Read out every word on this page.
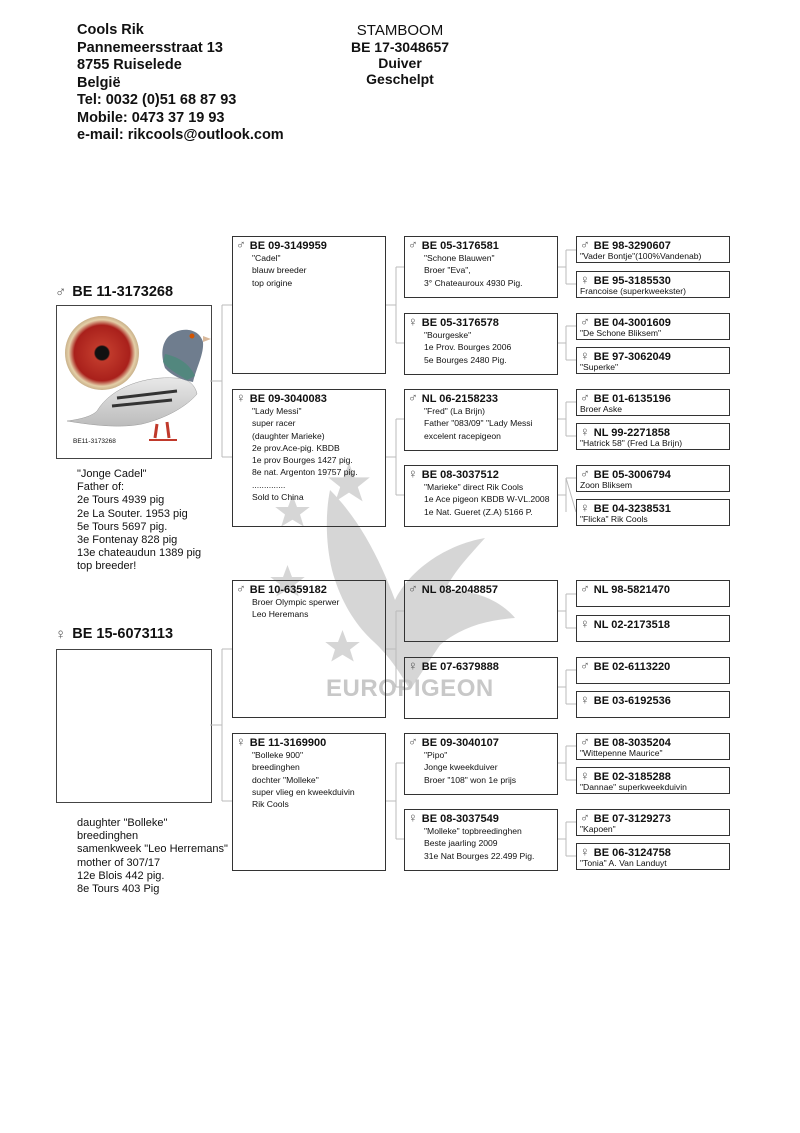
Cools Rik
Pannemeersstraat 13
8755 Ruiselede
België
Tel: 0032 (0)51 68 87 93
Mobile: 0473 37 19 93
e-mail: rikcools@outlook.com
STAMBOOM
BE 17-3048657
Duiver
Geschelpt
EUROPIGEON
♂ BE 11-3173268
BE11-3173268
"Jonge Cadel"
Father of:
2e Tours 4939 pig
2e La Souter. 1953 pig
5e Tours 5697 pig.
3e Fontenay 828 pig
13e chateaudun 1389 pig
top breeder!
♀ BE 15-6073113
daughter "Bolleke"
breedinghen
samenkweek "Leo Herremans"
mother of 307/17
12e Blois 442 pig.
8e Tours 403 Pig
♂ BE 09-3149959
"Cadel"
blauw breeder
top origine
♀ BE 09-3040083
"Lady Messi"
super racer
(daughter Marieke)
2e prov.Ace-pig. KBDB
1e prov Bourges 1427 pig.
8e nat. Argenton 19757 pig.
..............
Sold to China
♂ BE 10-6359182
Broer Olympic sperwer
Leo Heremans
♀ BE 11-3169900
"Bolleke 900"
breedinghen
dochter "Molleke"
super vlieg en kweekduivin
Rik Cools
♂ BE 05-3176581
"Schone Blauwen"
Broer "Eva",
3° Chateauroux 4930 Pig.
♀ BE 05-3176578
"Bourgeske"
1e Prov. Bourges 2006
5e Bourges 2480 Pig.
♂ NL 06-2158233
"Fred" (La Brijn)
Father "083/09" "Lady Messi
excelent racepigeon
♀ BE 08-3037512
"Marieke" direct Rik Cools
1e Ace pigeon KBDB W-VL.2008
1e Nat. Gueret (Z.A) 5166 P.
♂ NL 08-2048857
♀ BE 07-6379888
♂ BE 09-3040107
"Pipo"
Jonge kweekduiver
Broer "108" won 1e prijs
♀ BE 08-3037549
"Molleke" topbreedinghen
Beste jaarling 2009
31e Nat Bourges 22.499 Pig.
♂ BE 98-3290607
"Vader Bontje"(100%Vandenab)
♀ BE 95-3185530
Francoise (superkweekster)
♂ BE 04-3001609
"De Schone Bliksem"
♀ BE 97-3062049
"Superke"
♂ BE 01-6135196
Broer Aske
♀ NL 99-2271858
"Hatrick 58" (Fred La Brijn)
♂ BE 05-3006794
Zoon Bliksem
♀ BE 04-3238531
"Flicka" Rik Cools
♂ NL 98-5821470
♀ NL 02-2173518
♂ BE 02-6113220
♀ BE 03-6192536
♂ BE 08-3035204
"Wittepenne Maurice"
♀ BE 02-3185288
"Dannae" superkweekduivin
♂ BE 07-3129273
"Kapoen"
♀ BE 06-3124758
"Tonia" A. Van Landuyt
